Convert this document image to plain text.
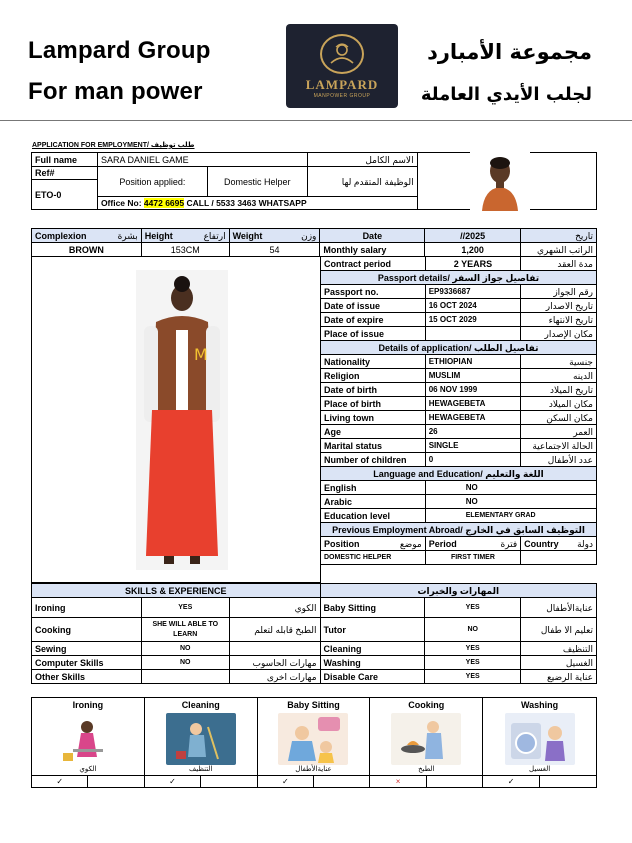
Lampard Group
For man power	LAMPARD
MANPOWER GROUP
مجموعة الأمبارد
لجلب الأيدي العاملة
APPLICATION FOR EMPLOYMENT/ طلب توظيف
Full name	SARA DANIEL GAME		الاسم الكامل	
Ref#	Position applied:	Domestic Helper	الوظيفة المتقدم لها	
ETO-0				
	Office No: 4472 6695 CALL / 5533 3463 WHATSAPP			
Complexion بشرة	Height ارتفاع	Weight وزن	Date	//2025	تاريخ
BROWN	153CM	54	Monthly salary	1,200	الراتب الشهري
M
Contract period	2 YEARS	مدة العقد
Passport details/ تفاصيل جواز السفر		
Passport no.	EP9336687	رقم الجواز
Date of issue	16 OCT 2024	تاريخ الاصدار
Date of expire	15 OCT 2029	تاريخ الانتهاء
Place of issue		مكان الإصدار
Details of application/ تفاصيل الطلب		
Nationality	ETHIOPIAN	جنسية
Religion	MUSLIM	الدينه
Date of birth	06 NOV 1999	تاريخ الميلاد
Place of birth	HEWAGEBETA	مكان الميلاد
Living town	HEWAGEBETA	مكان السكن
Age	26	العمر
Marital status	SINGLE	الحالة الاجتماعية
Number of children	0	عدد الأطفال
Language and Education/ اللغة والتعليم		
English	NO	
Arabic	NO	
Education level	ELEMENTARY GRAD	
Previous Employment Abroad/ التوظيف السابق في الخارج		
Position موضع	Period فترة	Country دولة

DOMESTIC HELPER	FIRST TIMER	
SKILLS & EXPERIENCE			المهارات والخبرات		
Ironing	YES	الكوي	Baby Sitting	YES	عنايةالأطفال
Cooking	SHE WILL ABLE TO LEARN	الطبخ قابله لتعلم	Tutor	NO	تعليم الا طفال
Sewing	NO		Cleaning	YES	التنظيف
Computer Skills	NO	مهارات الحاسوب	Washing	YES	الغسيل
Other Skills		مهارات اخرى	Disable Care	YES	عناية الرضيع
Ironing
الكوي
✓

Cleaning
التنظيف
✓

Baby Sitting
عنايةالأطفال
✓

Cooking
الطبخ
×

Washing
الغسيل
✓
